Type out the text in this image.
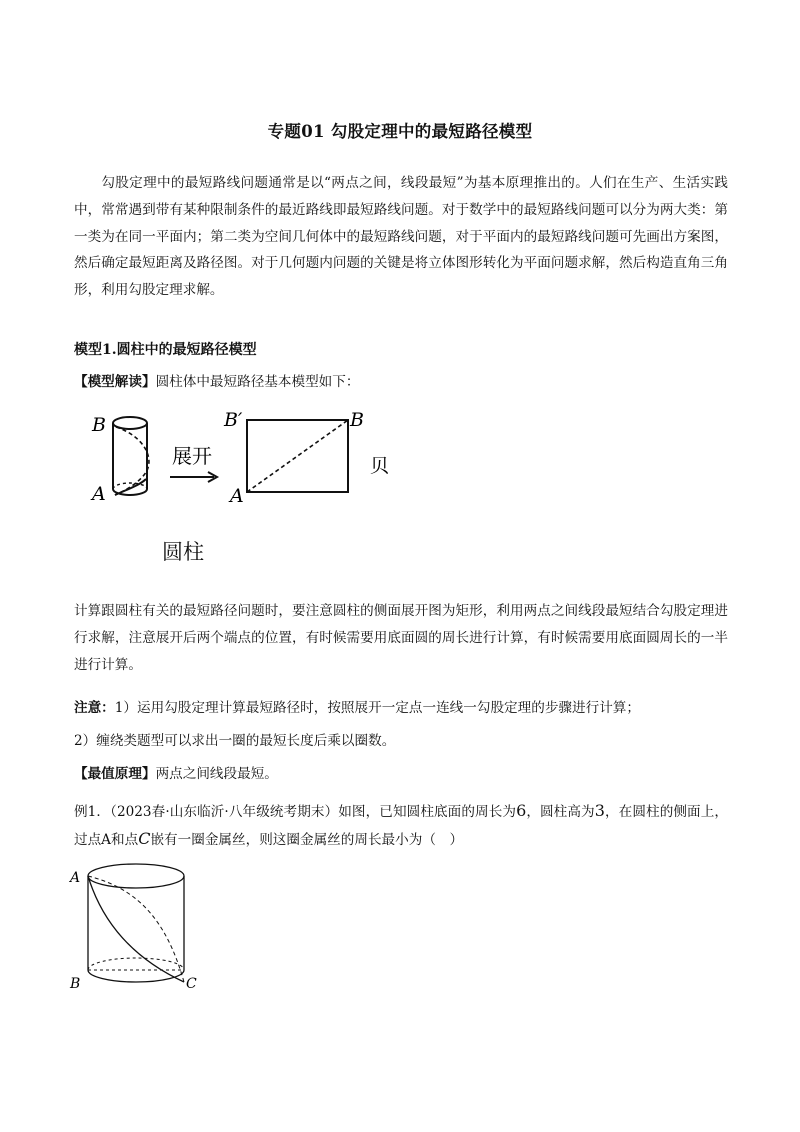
专题01 勾股定理中的最短路径模型
勾股定理中的最短路线问题通常是以“两点之间，线段最短”为基本原理推出的。人们在生产、生活实践中，常常遇到带有某种限制条件的最近路线即最短路线问题。对于数学中的最短路线问题可以分为两大类：第一类为在同一平面内；第二类为空间几何体中的最短路线问题，对于平面内的最短路线问题可先画出方案图，然后确定最短距离及路径图。对于几何题内问题的关键是将立体图形转化为平面问题求解，然后构造直角三角形，利用勾股定理求解。
模型1.圆柱中的最短路径模型
【模型解读】圆柱体中最短路径基本模型如下：
B
A
展开
B′	B
A
贝
圆柱
计算跟圆柱有关的最短路径问题时，要注意圆柱的侧面展开图为矩形，利用两点之间线段最短结合勾股定理进行求解，注意展开后两个端点的位置，有时候需要用底面圆的周长进行计算，有时候需要用底面圆周长的一半进行计算。
注意：1）运用勾股定理计算最短路径时，按照展开一定点一连线一勾股定理的步骤进行计算；
2）缠绕类题型可以求出一圈的最短长度后乘以圈数。
【最值原理】两点之间线段最短。
例1．（2023春·山东临沂·八年级统考期末）如图，已知圆柱底面的周长为6，圆柱高为3，在圆柱的侧面上，过点A和点C嵌有一圈金属丝，则这圈金属丝的周长最小为（　）
A
B	C
